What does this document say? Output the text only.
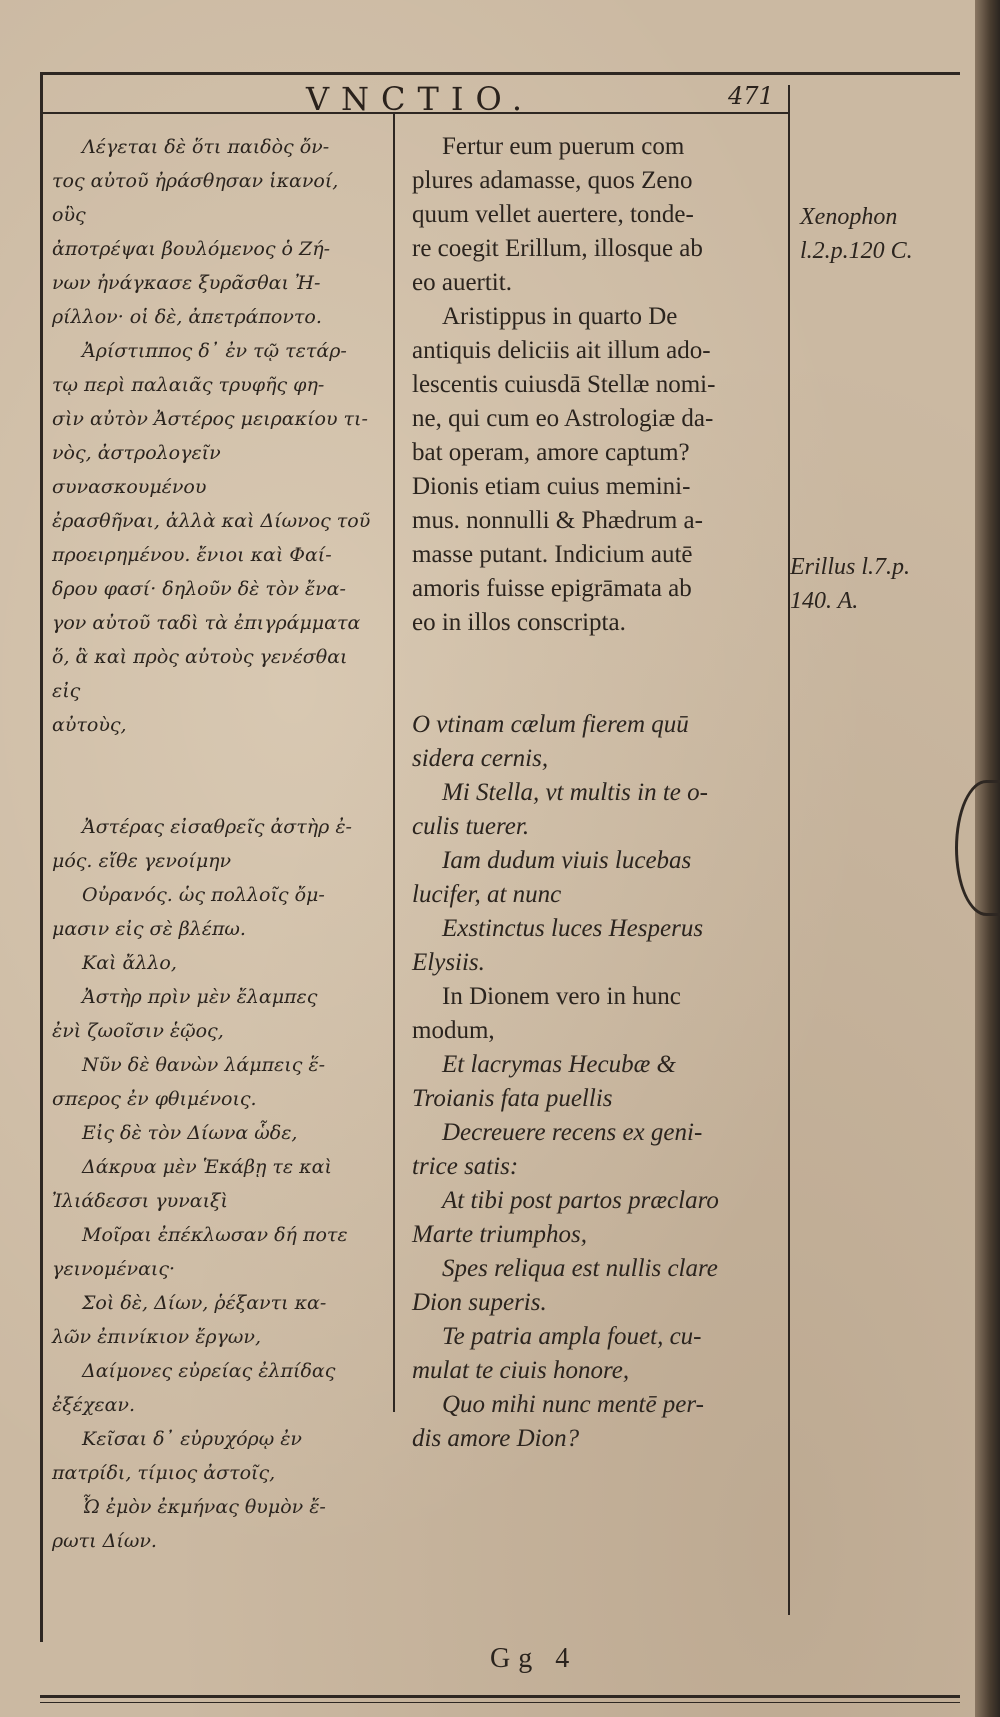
VNCTIO.	471
Λέγεται δὲ ὅτι παιδὸς ὄν-
τος αὐτοῦ ἠράσθησαν ἱκανοί, οὓς
ἀποτρέψαι βουλόμενος ὁ Ζή-
νων ἠνάγκασε ξυρᾶσθαι Ἠ-
ρίλλον· οἱ δὲ, ἀπετράποντο.
Ἀρίστιππος δ᾽ ἐν τῷ τετάρ-
τῳ περὶ παλαιᾶς τρυφῆς φη-
σὶν αὐτὸν Ἀστέρος μειρακίου τι-
νὸς, ἀστρολογεῖν συνασκουμένου
ἐρασθῆναι, ἀλλὰ καὶ Δίωνος τοῦ
προειρημένου. ἔνιοι καὶ Φαί-
δρου φασί· δηλοῦν δὲ τὸν ἔνα-
γον αὐτοῦ ταδὶ τὰ ἐπιγράμματα
ὅ, ἃ καὶ πρὸς αὐτοὺς γενέσθαι εἰς
αὐτοὺς,
Ἀστέρας εἰσαθρεῖς ἀστὴρ ἐ-
μός. εἴθε γενοίμην
Οὐρανός. ὡς πολλοῖς ὄμ-
μασιν εἰς σὲ βλέπω.
Καὶ ἄλλο,
Ἀστὴρ πρὶν μὲν ἔλαμπες
ἐνὶ ζωοῖσιν ἑῷος,
Νῦν δὲ θανὼν λάμπεις ἕ-
σπερος ἐν φθιμένοις.
Εἰς δὲ τὸν Δίωνα ὧδε,
Δάκρυα μὲν Ἑκάβῃ τε καὶ
Ἰλιάδεσσι γυναιξὶ
Μοῖραι ἐπέκλωσαν δή ποτε
γεινομέναις·
Σοὶ δὲ, Δίων, ῥέξαντι κα-
λῶν ἐπινίκιον ἔργων,
Δαίμονες εὐρείας ἐλπίδας
ἐξέχεαν.
Κεῖσαι δ᾽ εὐρυχόρῳ ἐν
πατρίδι, τίμιος ἀστοῖς,
Ὦ ἐμὸν ἐκμήνας θυμὸν ἔ-
ρωτι Δίων.
Fertur eum puerum com
plures adamasse, quos Zeno
quum vellet auertere, tonde-
re coegit Erillum, illosque ab
eo auertit.
Aristippus in quarto De
antiquis deliciis ait illum ado-
lescentis cuiusdā Stellæ nomi-
ne, qui cum eo Astrologiæ da-
bat operam, amore captum?
Dionis etiam cuius memini-
mus. nonnulli & Phædrum a-
masse putant. Indicium autē
amoris fuisse epigrāmata ab
eo in illos conscripta.
O vtinam cælum fierem quū
sidera cernis,
Mi Stella, vt multis in te o-
culis tuerer.
Iam dudum viuis lucebas
lucifer, at nunc
Exstinctus luces Hesperus
Elysiis.
In Dionem vero in hunc
modum,
Et lacrymas Hecubæ &
Troianis fata puellis
Decreuere recens ex geni-
trice satis:
At tibi post partos præclaro
Marte triumphos,
Spes reliqua est nullis clare
Dion superis.
Te patria ampla fouet, cu-
mulat te ciuis honore,
Quo mihi nunc mentē per-
dis amore Dion?
Xenophon
l.2.p.120 C.
Erillus l.7.p.
140. A.
Gg 4
